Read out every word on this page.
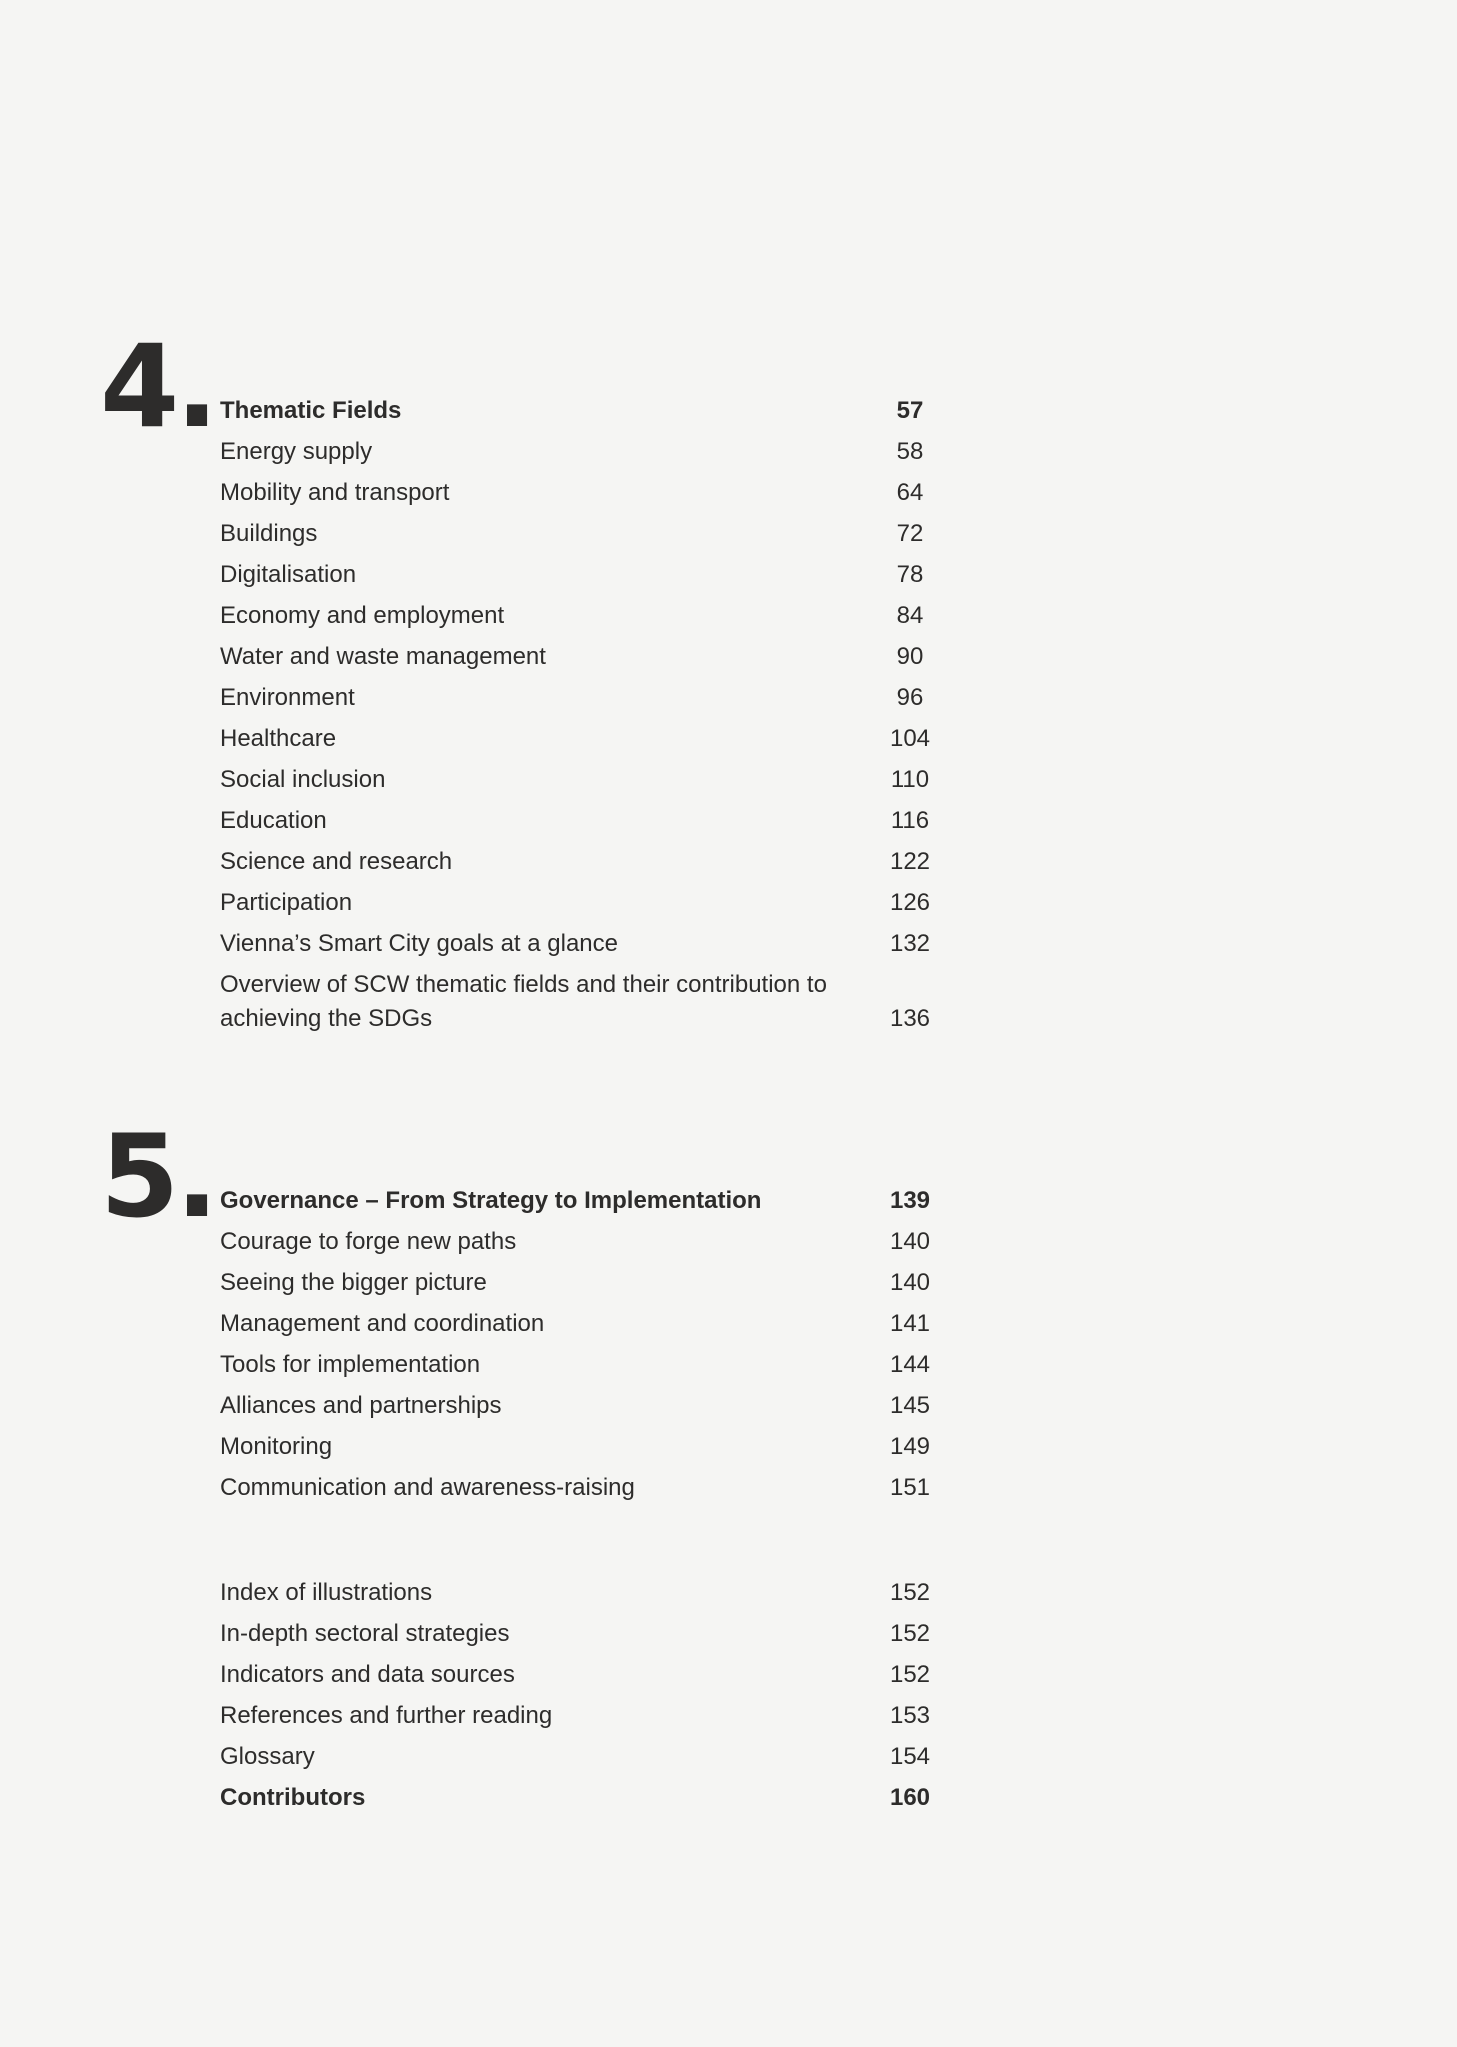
4. Thematic Fields	57
Energy supply	58
Mobility and transport	64
Buildings	72
Digitalisation	78
Economy and employment	84
Water and waste management	90
Environment	96
Healthcare	104
Social inclusion	110
Education	116
Science and research	122
Participation	126
Vienna’s Smart City goals at a glance	132
Overview of SCW thematic fields and their contribution to achieving the SDGs	136
5. Governance – From Strategy to Implementation	139
Courage to forge new paths	140
Seeing the bigger picture	140
Management and coordination	141
Tools for implementation	144
Alliances and partnerships	145
Monitoring	149
Communication and awareness-raising	151
Index of illustrations	152
In-depth sectoral strategies	152
Indicators and data sources	152
References and further reading	153
Glossary	154
Contributors	160
